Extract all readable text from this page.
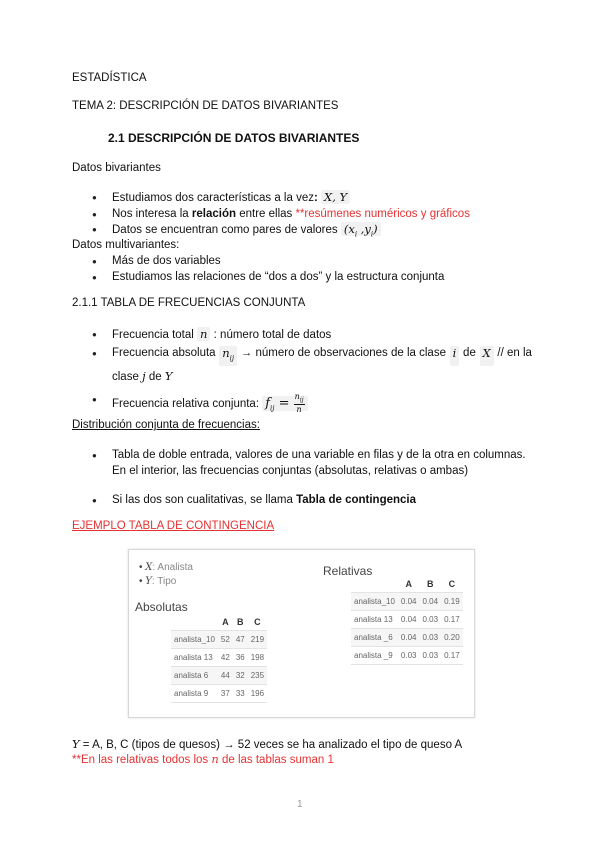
ESTADÍSTICA
TEMA 2: DESCRIPCIÓN DE DATOS BIVARIANTES
2.1 DESCRIPCIÓN DE DATOS BIVARIANTES
Datos bivariantes
● Estudiamos dos características a la vez: X, Y
● Nos interesa la relación entre ellas **resúmenes numéricos y gráficos
● Datos se encuentran como pares de valores ($x_i$ $,y_i$)
Datos multivariantes:
● Más de dos variables
● Estudiamos las relaciones de “dos a dos” y la estructura conjunta
2.1.1 TABLA DE FRECUENCIAS CONJUNTA
● Frecuencia total n : número total de datos
● Frecuencia absoluta $n_{ij}$ → número de observaciones de la clase i de X // en la
clase j de Y
● Frecuencia relativa conjunta: $f_{ij} = \frac{n_{ij}}{n}$
Distribución conjunta de frecuencias:
● Tabla de doble entrada, valores de una variable en filas y de la otra en columnas.
En el interior, las frecuencias conjuntas (absolutas, relativas o ambas)
● Si las dos son cualitativas, se llama Tabla de contingencia
EJEMPLO TABLA DE CONTINGENCIA
• X: Analista
• Y: Tipo
Absolutas
Relativas
	A	B	C
analista_10	52	47	219
analista 13	42	36	198
analista 6	44	32	235
analista 9	37	33	196
	A	B	C
analista_10	0.04	0.04	0.19
analista 13	0.04	0.03	0.17
analista _6	0.04	0.03	0.20
analista _9	0.03	0.03	0.17
Y = A, B, C (tipos de quesos) → 52 veces se ha analizado el tipo de queso A
**En las relativas todos los n de las tablas suman 1
1
